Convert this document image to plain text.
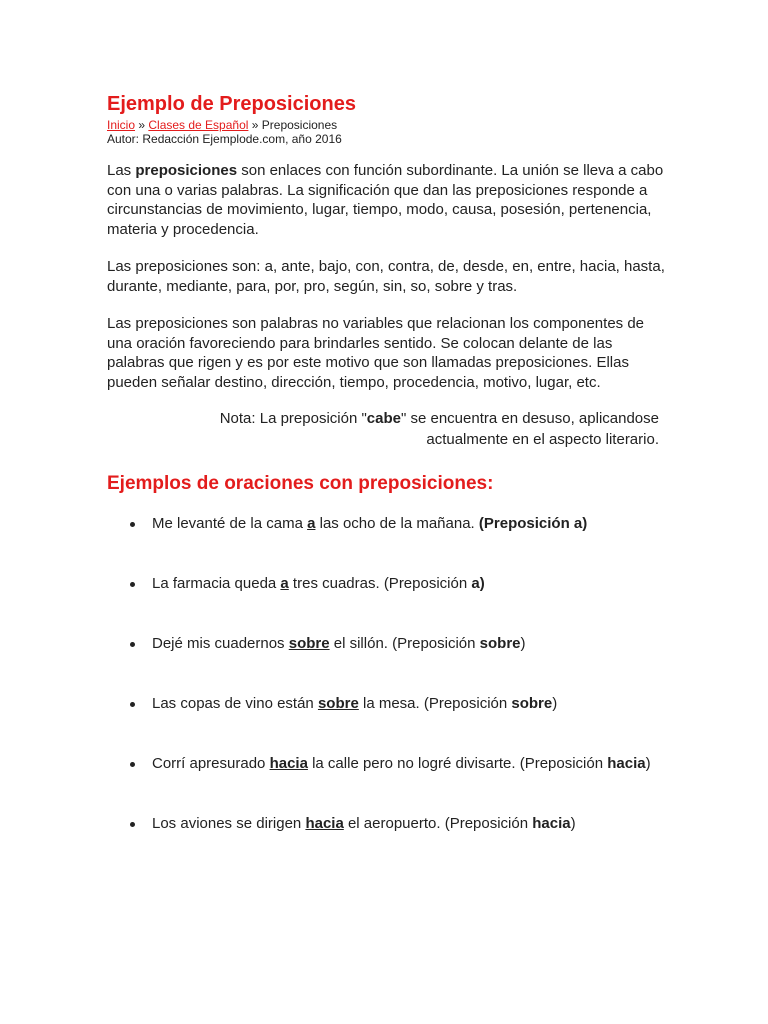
Ejemplo de Preposiciones
Inicio » Clases de Español » Preposiciones
Autor: Redacción Ejemplode.com, año 2016

Las preposiciones son enlaces con función subordinante. La unión se lleva a cabo con una o varias palabras. La significación que dan las preposiciones responde a circunstancias de movimiento, lugar, tiempo, modo, causa, posesión, pertenencia, materia y procedencia.

Las preposiciones son: a, ante, bajo, con, contra, de, desde, en, entre, hacia, hasta, durante, mediante, para, por, pro, según, sin, so, sobre y tras.

Las preposiciones son palabras no variables que relacionan los componentes de una oración favoreciendo para brindarles sentido. Se colocan delante de las palabras que rigen y es por este motivo que son llamadas preposiciones. Ellas pueden señalar destino, dirección, tiempo, procedencia, motivo, lugar, etc.

Nota: La preposición "cabe" se encuentra en desuso, aplicandose actualmente en el aspecto literario.
Ejemplos de oraciones con preposiciones:
Me levanté de la cama a las ocho de la mañana. (Preposición a)
La farmacia queda a tres cuadras. (Preposición a)
Dejé mis cuadernos sobre el sillón. (Preposición sobre)
Las copas de vino están sobre la mesa. (Preposición sobre)
Corrí apresurado hacia la calle pero no logré divisarte. (Preposición hacia)
Los aviones se dirigen hacia el aeropuerto. (Preposición hacia)
